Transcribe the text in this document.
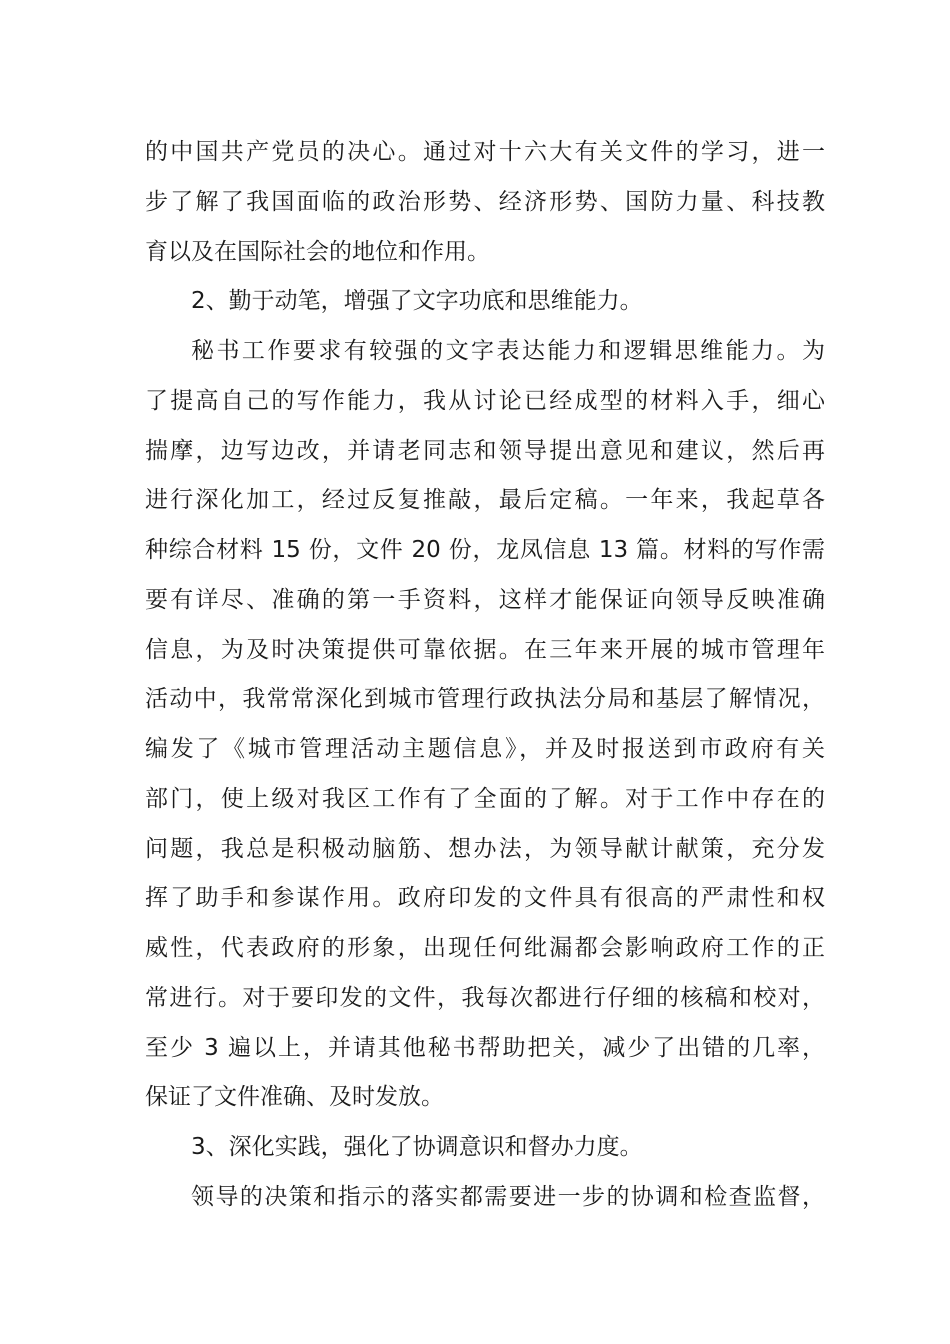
的中国共产党员的决心。通过对十六大有关文件的学习，进一
步了解了我国面临的政治形势、经济形势、国防力量、科技教
育以及在国际社会的地位和作用。
2、勤于动笔，增强了文字功底和思维能力。
秘书工作要求有较强的文字表达能力和逻辑思维能力。为
了提高自己的写作能力，我从讨论已经成型的材料入手，细心
揣摩，边写边改，并请老同志和领导提出意见和建议，然后再
进行深化加工，经过反复推敲，最后定稿。一年来，我起草各
种综合材料 15 份，文件 20 份，龙凤信息 13 篇。材料的写作需
要有详尽、准确的第一手资料，这样才能保证向领导反映准确
信息，为及时决策提供可靠依据。在三年来开展的城市管理年
活动中，我常常深化到城市管理行政执法分局和基层了解情况，
编发了《城市管理活动主题信息》，并及时报送到市政府有关
部门，使上级对我区工作有了全面的了解。对于工作中存在的
问题，我总是积极动脑筋、想办法，为领导献计献策，充分发
挥了助手和参谋作用。政府印发的文件具有很高的严肃性和权
威性，代表政府的形象，出现任何纰漏都会影响政府工作的正
常进行。对于要印发的文件，我每次都进行仔细的核稿和校对，
至少 3 遍以上，并请其他秘书帮助把关，减少了出错的几率，
保证了文件准确、及时发放。
3、深化实践，强化了协调意识和督办力度。
领导的决策和指示的落实都需要进一步的协调和检查监督，
